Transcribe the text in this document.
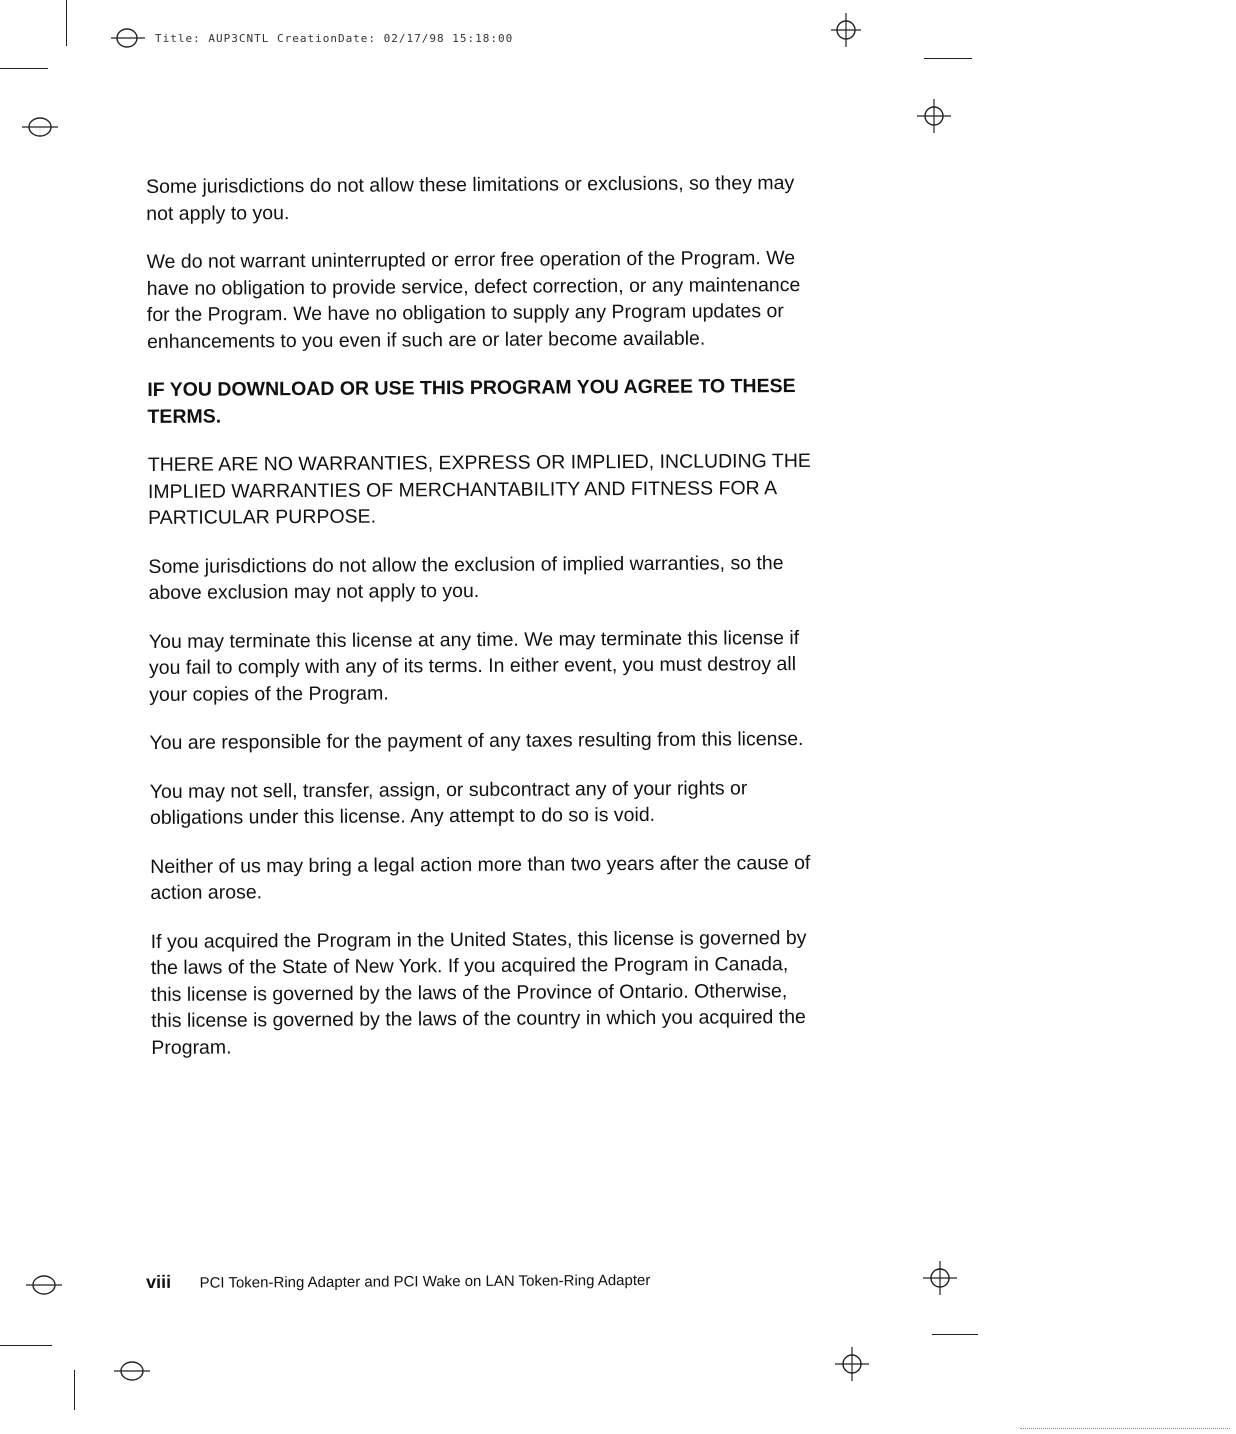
Title: AUP3CNTL CreationDate: 02/17/98 15:18:00

Some jurisdictions do not allow these limitations or exclusions, so they may not apply to you.

We do not warrant uninterrupted or error free operation of the Program. We have no obligation to provide service, defect correction, or any maintenance for the Program. We have no obligation to supply any Program updates or enhancements to you even if such are or later become available.

IF YOU DOWNLOAD OR USE THIS PROGRAM YOU AGREE TO THESE TERMS.

THERE ARE NO WARRANTIES, EXPRESS OR IMPLIED, INCLUDING THE IMPLIED WARRANTIES OF MERCHANTABILITY AND FITNESS FOR A PARTICULAR PURPOSE.

Some jurisdictions do not allow the exclusion of implied warranties, so the above exclusion may not apply to you.

You may terminate this license at any time. We may terminate this license if you fail to comply with any of its terms. In either event, you must destroy all your copies of the Program.

You are responsible for the payment of any taxes resulting from this license.

You may not sell, transfer, assign, or subcontract any of your rights or obligations under this license. Any attempt to do so is void.

Neither of us may bring a legal action more than two years after the cause of action arose.

If you acquired the Program in the United States, this license is governed by the laws of the State of New York. If you acquired the Program in Canada, this license is governed by the laws of the Province of Ontario. Otherwise, this license is governed by the laws of the country in which you acquired the Program.

viii PCI Token-Ring Adapter and PCI Wake on LAN Token-Ring Adapter
